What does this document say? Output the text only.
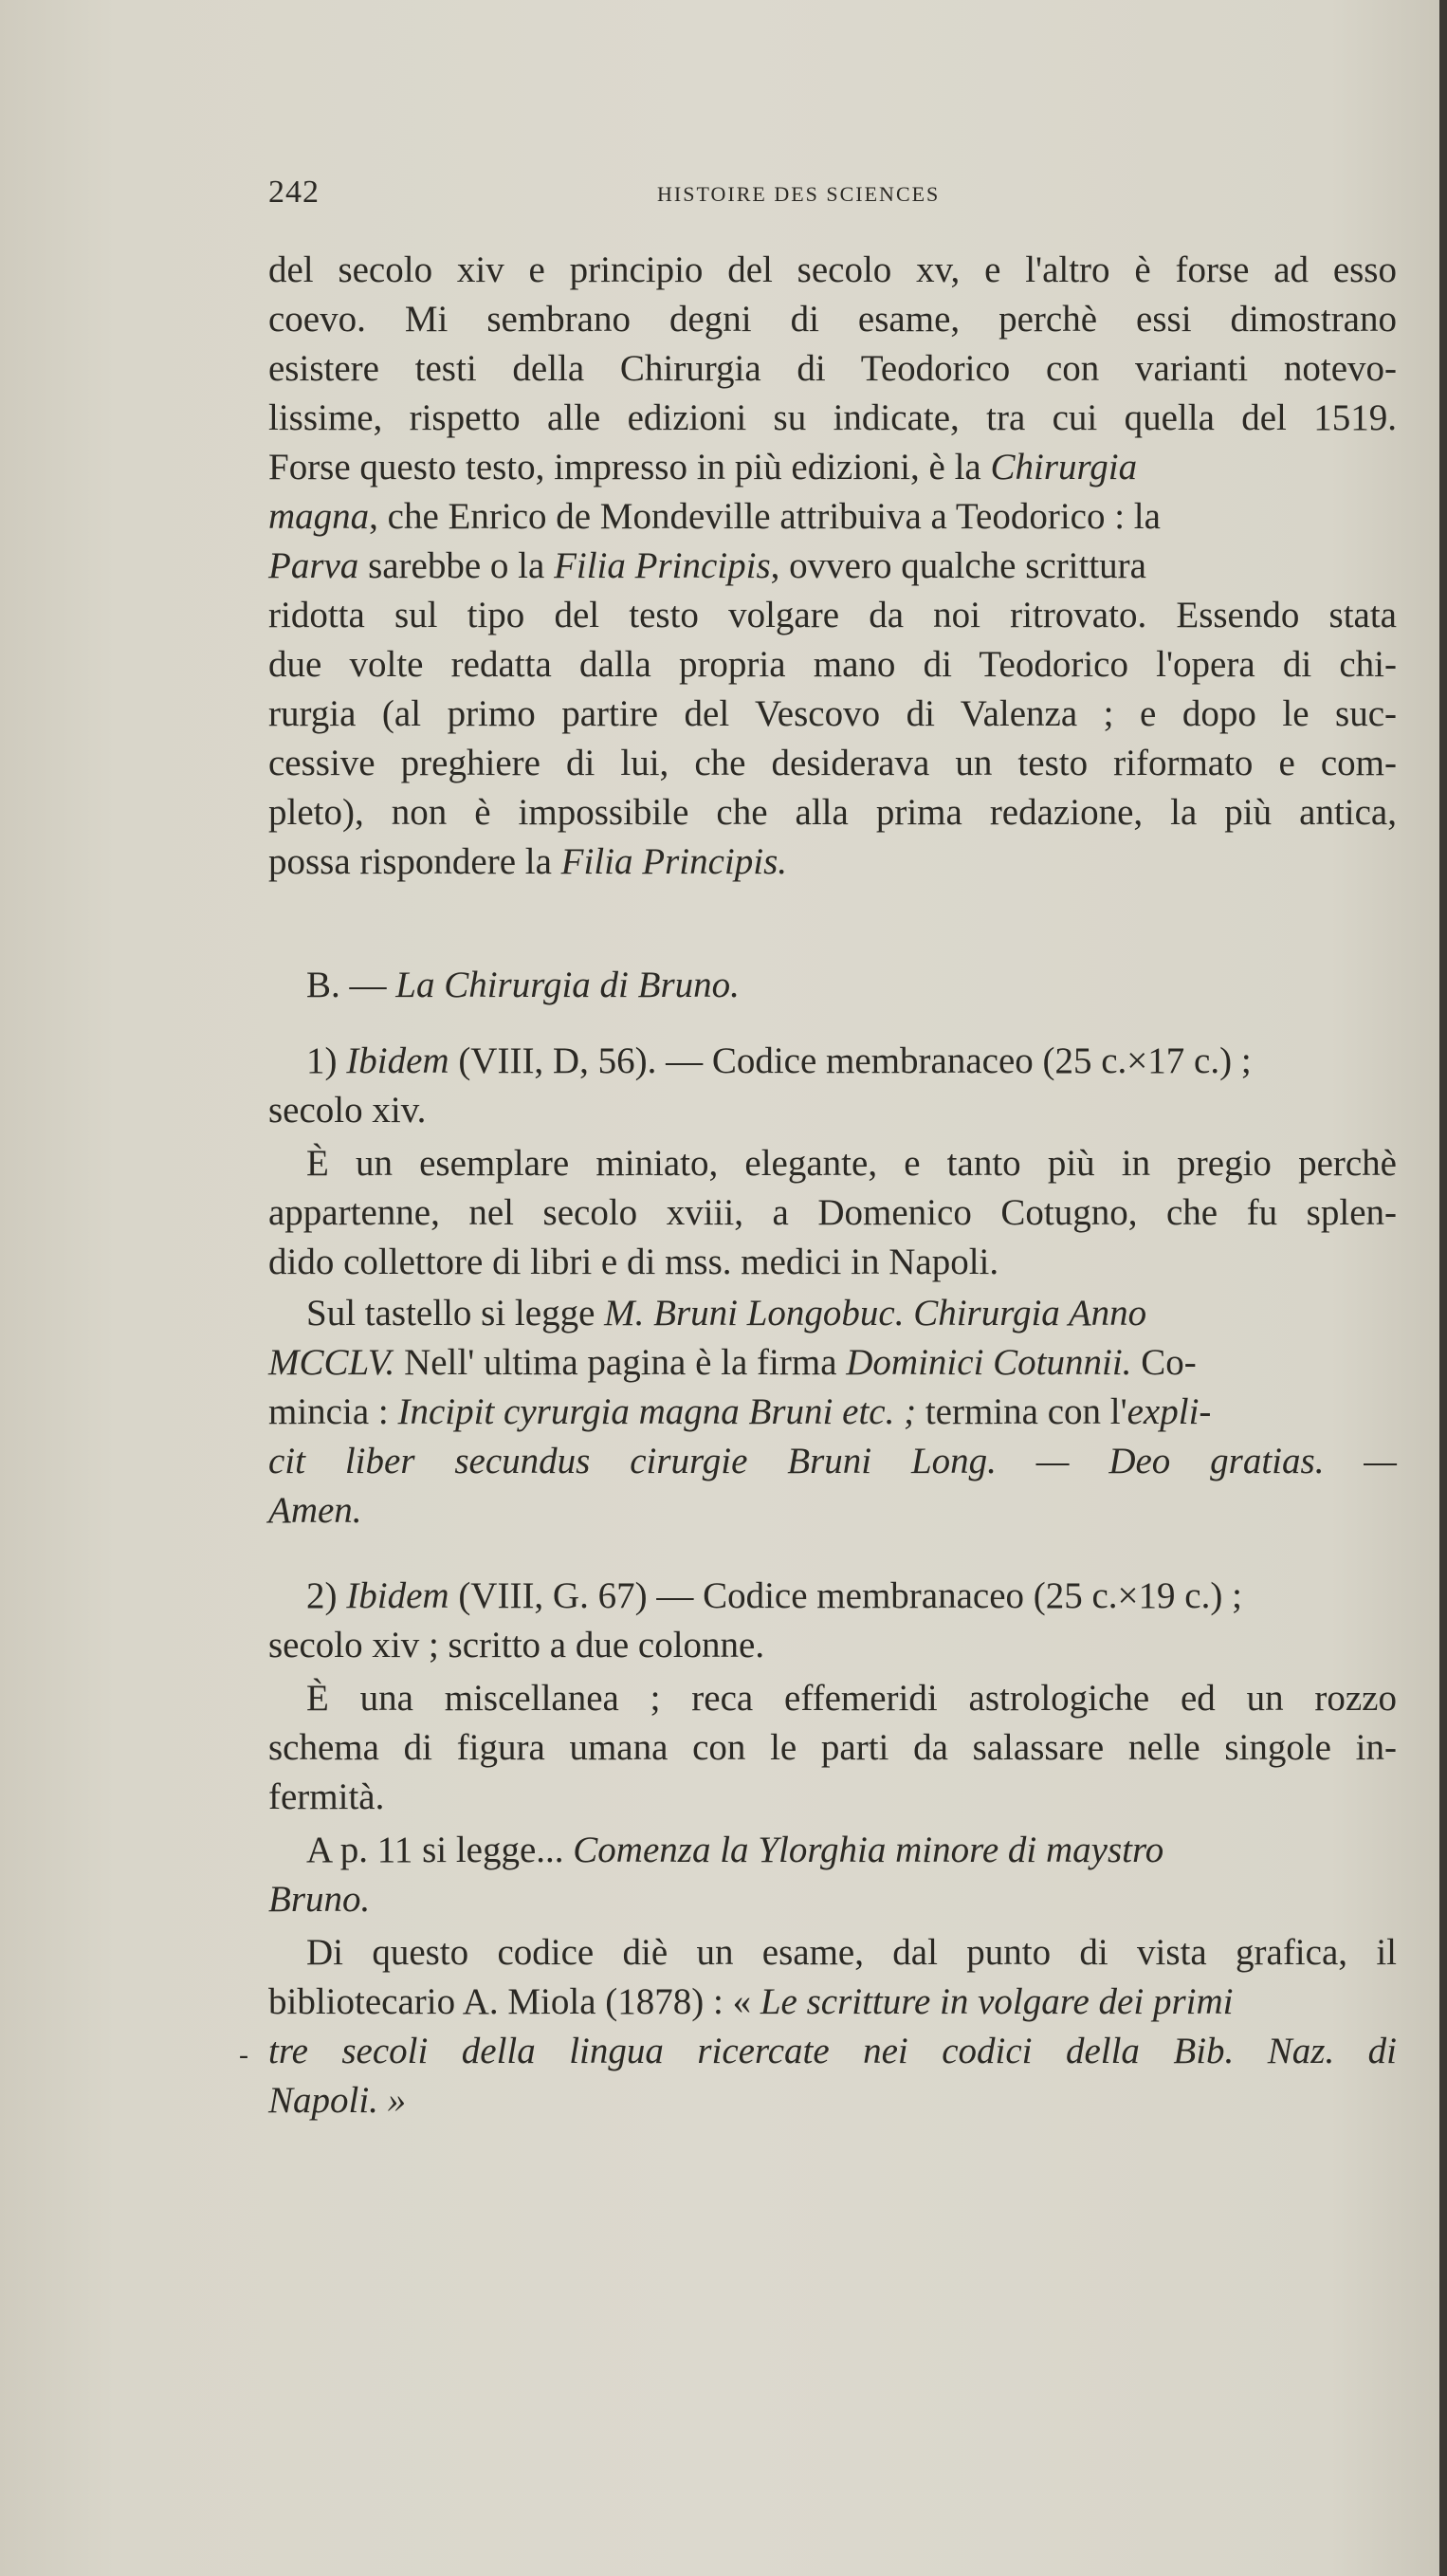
242	HISTOIRE DES SCIENCES
del secolo xiv e principio del secolo xv, e l'altro è forse ad esso
coevo. Mi sembrano degni di esame, perchè essi dimostrano
esistere testi della Chirurgia di Teodorico con varianti notevo-
lissime, rispetto alle edizioni su indicate, tra cui quella del 1519.
Forse questo testo, impresso in più edizioni, è la Chirurgia
magna, che Enrico de Mondeville attribuiva a Teodorico : la
Parva sarebbe o la Filia Principis, ovvero qualche scrittura
ridotta sul tipo del testo volgare da noi ritrovato. Essendo stata
due volte redatta dalla propria mano di Teodorico l'opera di chi-
rurgia (al primo partire del Vescovo di Valenza ; e dopo le suc-
cessive preghiere di lui, che desiderava un testo riformato e com-
pleto), non è impossibile che alla prima redazione, la più antica,
possa rispondere la Filia Principis.
B. — La Chirurgia di Bruno.
1) Ibidem (VIII, D, 56). — Codice membranaceo (25 c.×17 c.) ;
secolo xiv.
È un esemplare miniato, elegante, e tanto più in pregio perchè
appartenne, nel secolo xviii, a Domenico Cotugno, che fu splen-
dido collettore di libri e di mss. medici in Napoli.
Sul tastello si legge M. Bruni Longobuc. Chirurgia Anno
MCCLV. Nell' ultima pagina è la firma Dominici Cotunnii. Co-
mincia : Incipit cyrurgia magna Bruni etc. ; termina con l'expli-
cit liber secundus cirurgie Bruni Long. — Deo gratias. —
Amen.
2) Ibidem (VIII, G. 67) — Codice membranaceo (25 c.×19 c.) ;
secolo xiv ; scritto a due colonne.
È una miscellanea ; reca effemeridi astrologiche ed un rozzo
schema di figura umana con le parti da salassare nelle singole in-
fermità.
A p. 11 si legge... Comenza la Ylorghia minore di maystro
Bruno.
Di questo codice diè un esame, dal punto di vista grafica, il
bibliotecario A. Miola (1878) : « Le scritture in volgare dei primi
tre secoli della lingua ricercate nei codici della Bib. Naz. di
Napoli. »
-
